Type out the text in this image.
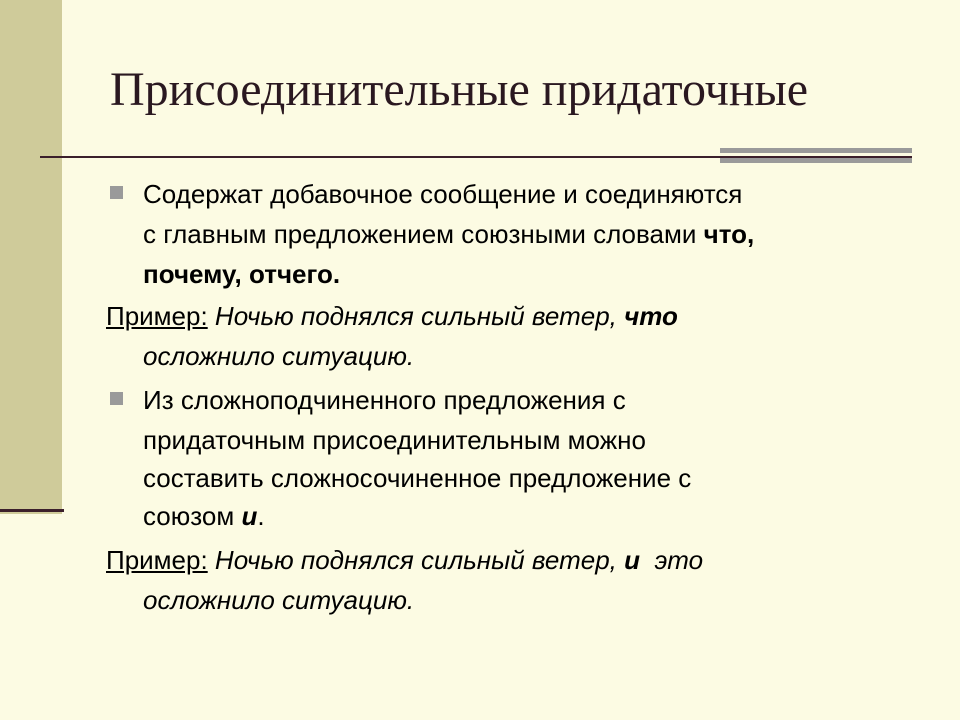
Присоединительные придаточные
Содержат добавочное сообщение и соединяются
с главным предложением союзными словами что,
почему, отчего.
Пример: Ночью поднялся сильный ветер, что
осложнило ситуацию.
Из сложноподчиненного предложения с
придаточным присоединительным можно
составить сложносочиненное предложение с
союзом и.
Пример: Ночью поднялся сильный ветер, и  это
осложнило ситуацию.
